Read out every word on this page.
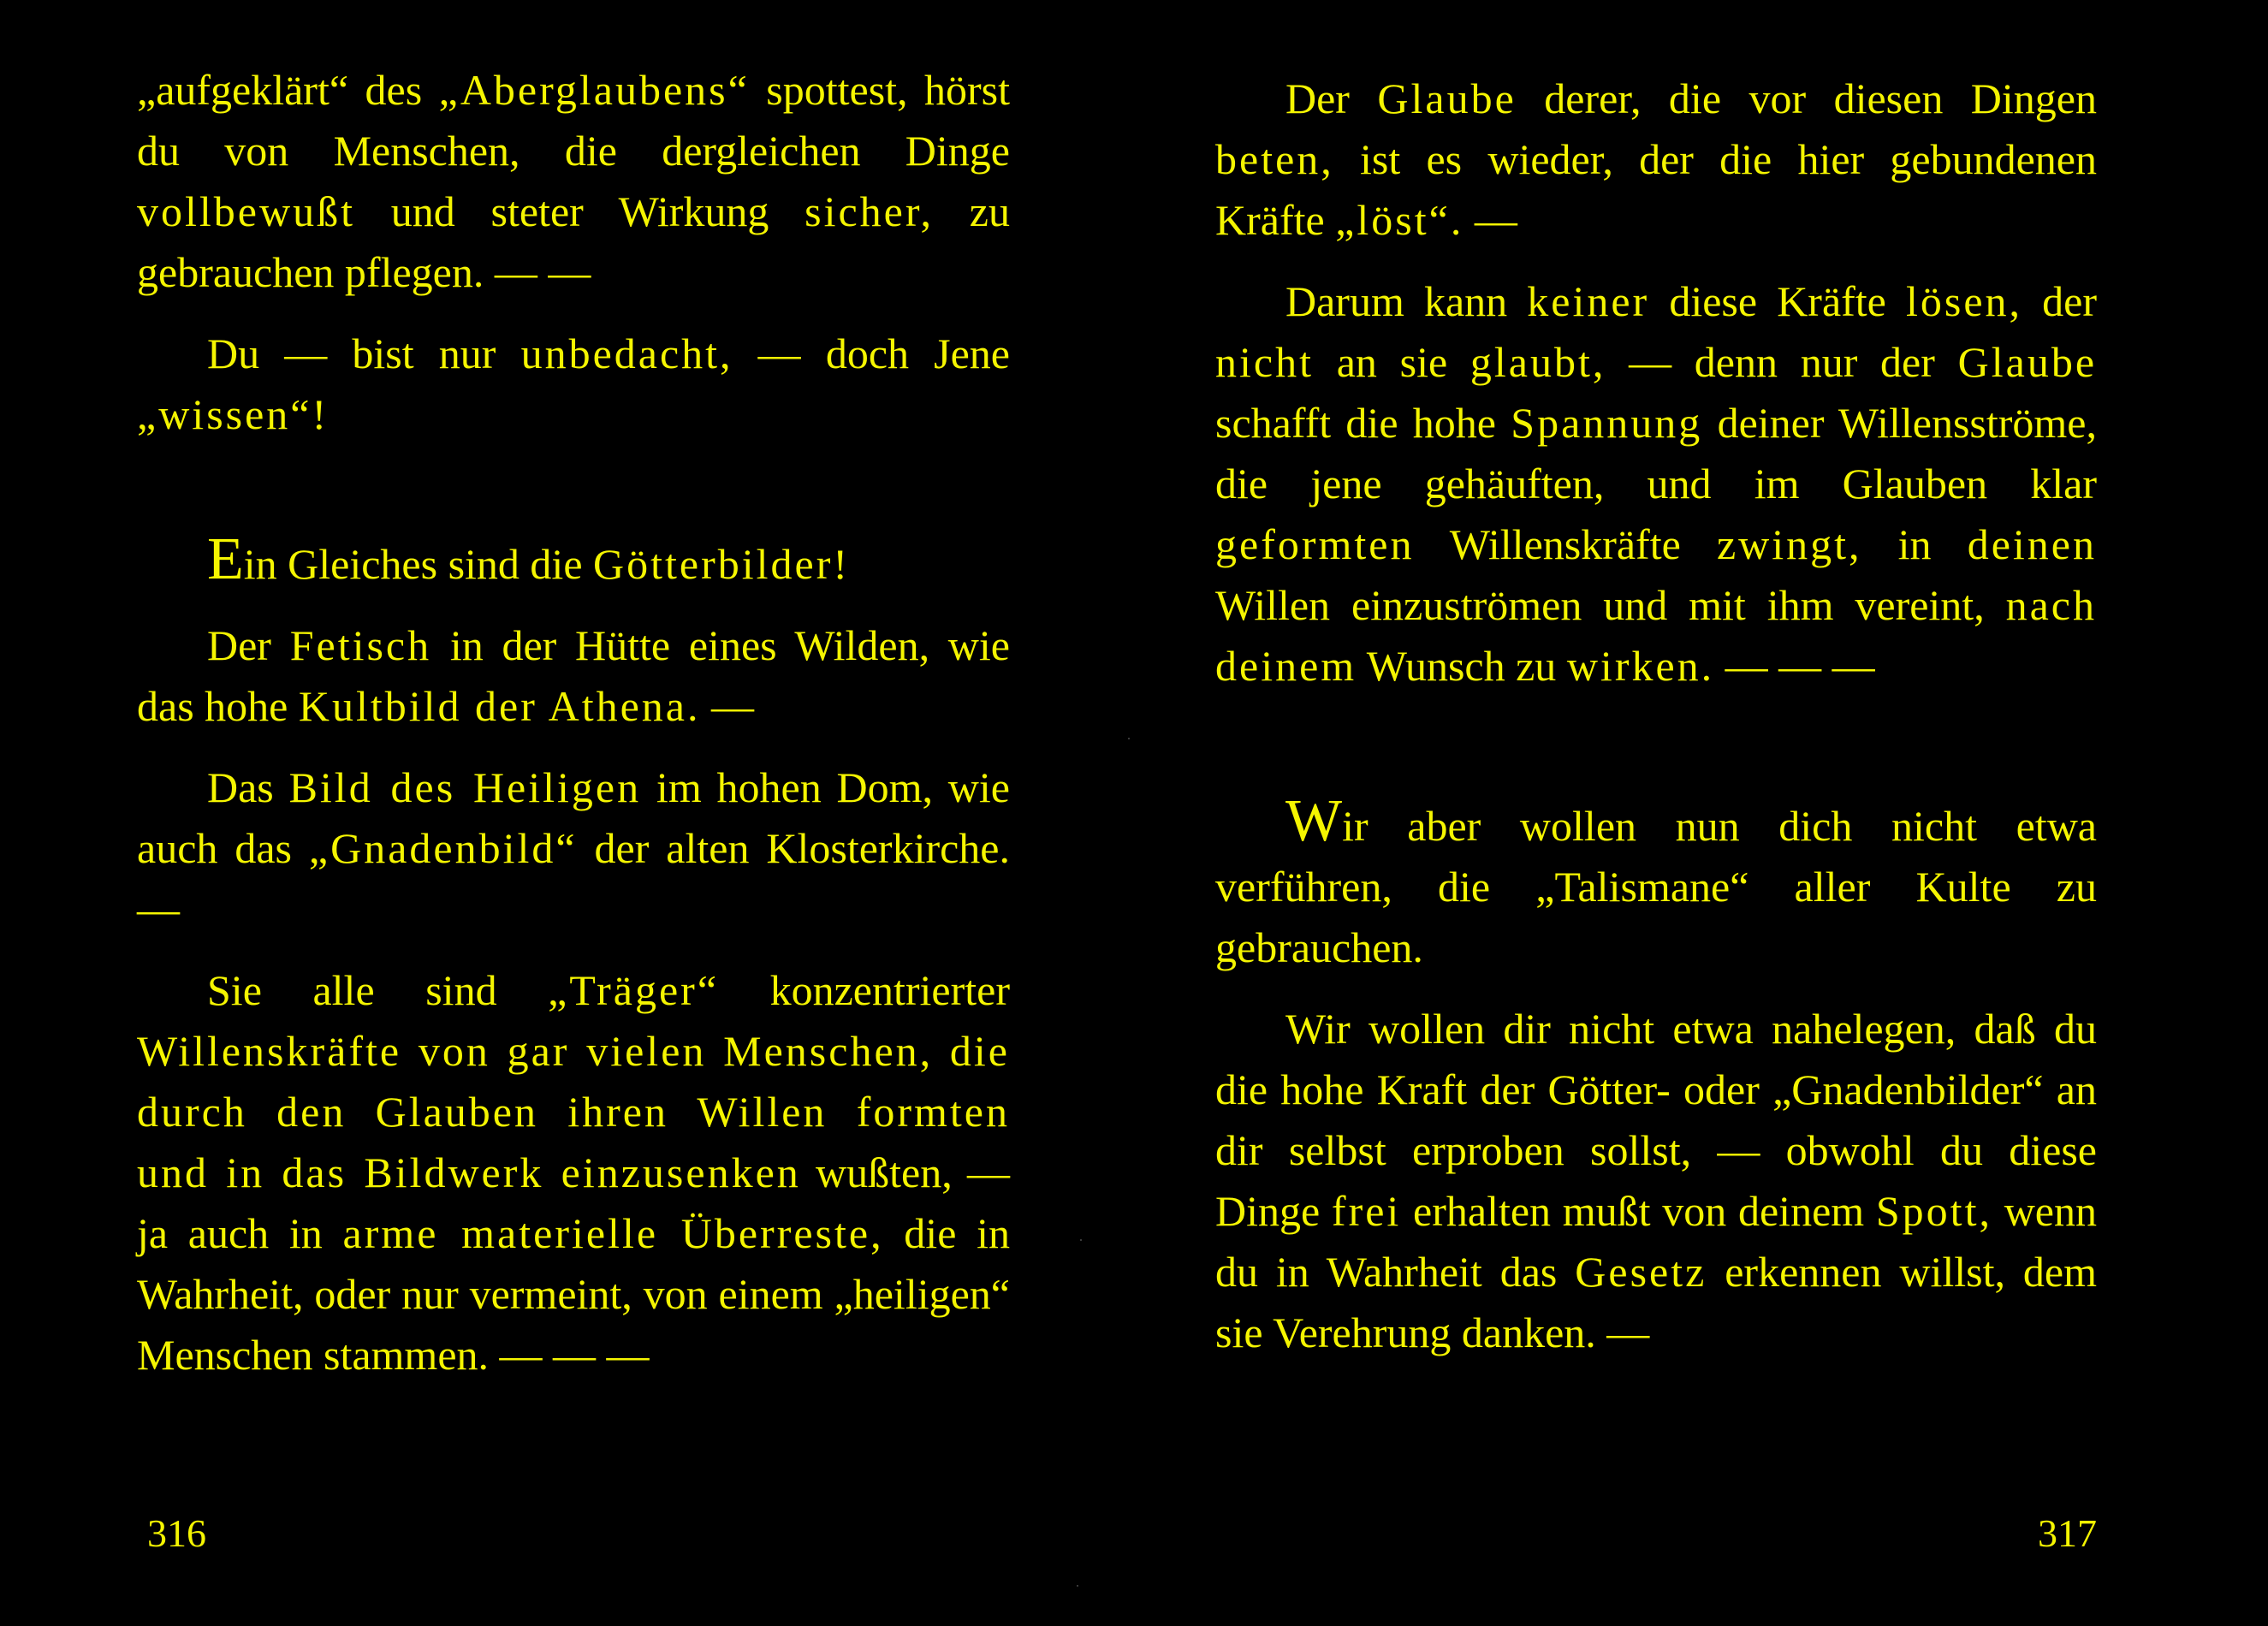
„aufgeklärt“ des „Aberglaubens“ spottest, hörst du von Menschen, die dergleichen Dinge vollbewußt und steter Wirkung sicher, zu gebrauchen pflegen. — —

Du — bist nur unbedacht, — doch Jene „wissen“!

Ein Gleiches sind die Götterbilder!

Der Fetisch in der Hütte eines Wilden, wie das hohe Kultbild der Athena. —

Das Bild des Heiligen im hohen Dom, wie auch das „Gnadenbild“ der alten Klosterkirche. —

Sie alle sind „Träger“ konzentrierter Willenskräfte von gar vielen Menschen, die durch den Glauben ihren Willen formten und in das Bildwerk einzusenken wußten, — ja auch in arme materielle Überreste, die in Wahrheit, oder nur vermeint, von einem „heiligen“ Menschen stammen. — — —

316

Der Glaube derer, die vor diesen Dingen beten, ist es wieder, der die hier gebundenen Kräfte „löst“. —

Darum kann keiner diese Kräfte lösen, der nicht an sie glaubt, — denn nur der Glaube schafft die hohe Spannung deiner Willensströme, die jene gehäuften, und im Glauben klar geformten Willenskräfte zwingt, in deinen Willen einzuströmen und mit ihm vereint, nach deinem Wunsch zu wirken. — — —

Wir aber wollen nun dich nicht etwa verführen, die „Talismane“ aller Kulte zu gebrauchen.

Wir wollen dir nicht etwa nahelegen, daß du die hohe Kraft der Götter- oder „Gnadenbilder“ an dir selbst erproben sollst, — obwohl du diese Dinge frei erhalten mußt von deinem Spott, wenn du in Wahrheit das Gesetz erkennen willst, dem sie Verehrung danken. —

317
